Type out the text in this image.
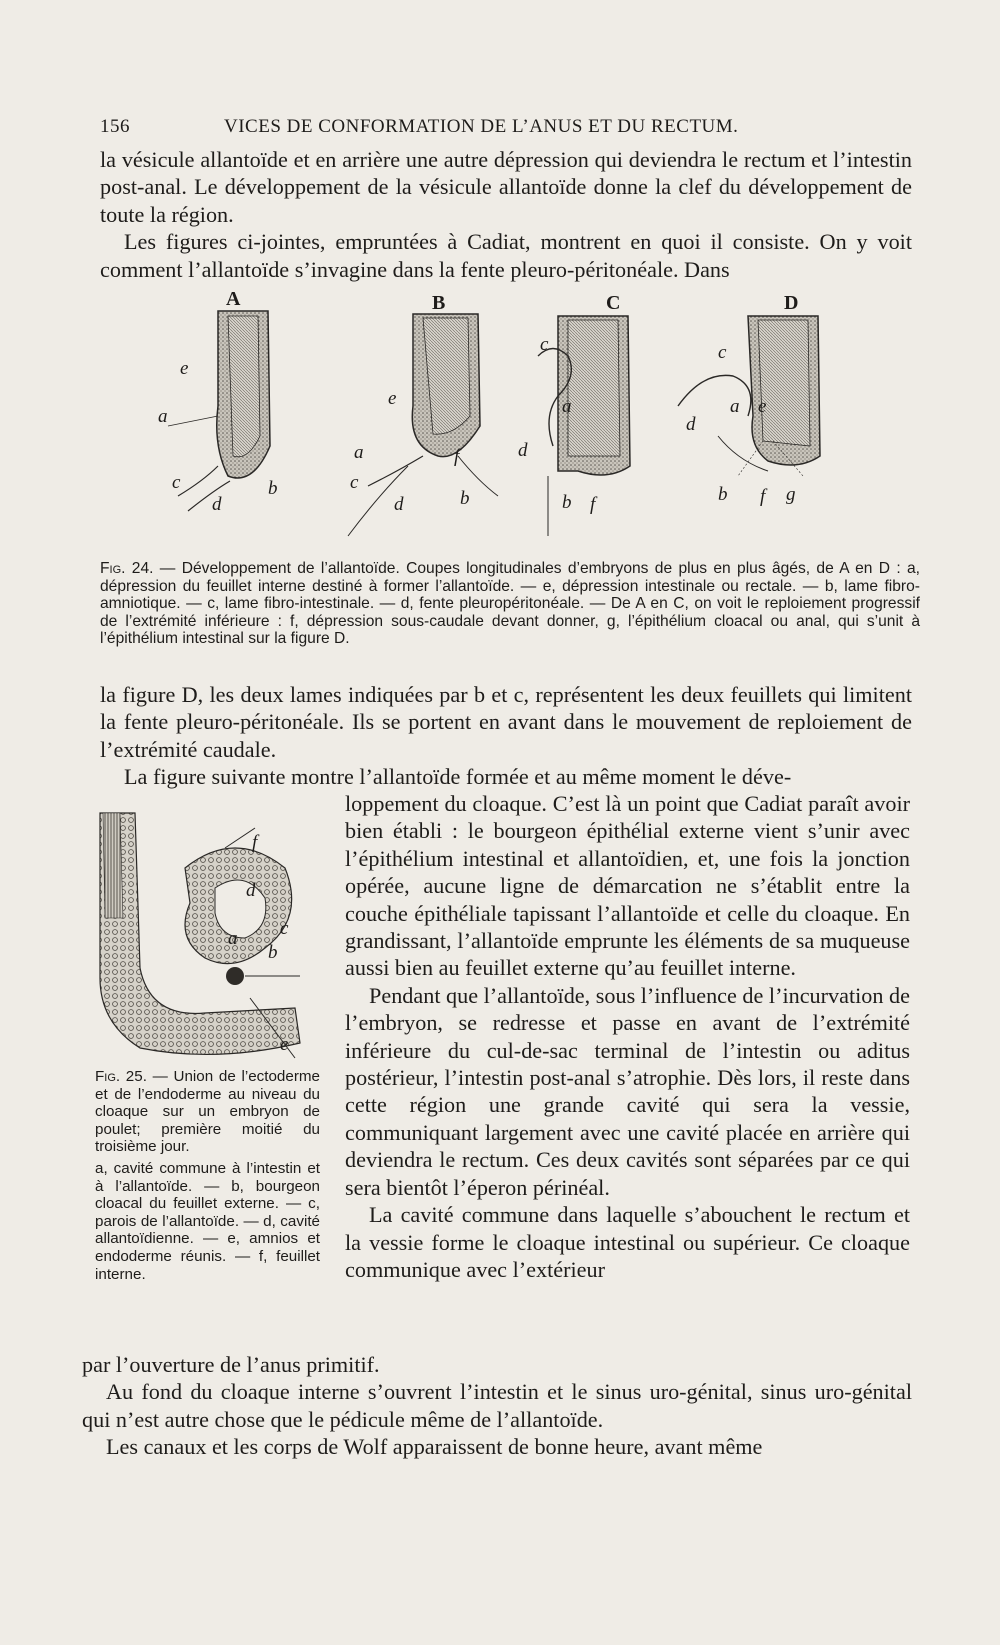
156	VICES DE CONFORMATION DE L’ANUS ET DU RECTUM.

la vésicule allantoïde et en arrière une autre dépression qui deviendra le rectum et l’intestin post-anal. Le développement de la vésicule allantoïde donne la clef du développement de toute la région.

Les figures ci-jointes, empruntées à Cadiat, montrent en quoi il consiste. On y voit comment l’allantoïde s’invagine dans la fente pleuro-péritonéale. Dans

A	B	C	D

Fig. 24. — Développement de l’allantoïde. Coupes longitudinales d’embryons de plus en plus âgés, de A en D : a, dépression du feuillet interne destiné à former l’allantoïde. — e, dépression intestinale ou rectale. — b, lame fibro-amniotique. — c, lame fibro-intestinale. — d, fente pleuropéritonéale. — De A en C, on voit le reploiement progressif de l’extrémité inférieure : f, dépression sous-caudale devant donner, g, l’épithélium cloacal ou anal, qui s’unit à l’épithélium intestinal sur la figure D.

la figure D, les deux lames indiquées par b et c, représentent les deux feuillets qui limitent la fente pleuro-péritonéale. Ils se portent en avant dans le mouvement de reploiement de l’extrémité caudale.

La figure suivante montre l’allantoïde formée et au même moment le déve-

Fig. 25. — Union de l’ectoderme et de l’endoderme au niveau du cloaque sur un embryon de poulet; première moitié du troisième jour.

a, cavité commune à l’intestin et à l’allantoïde. — b, bourgeon cloacal du feuillet externe. — c, parois de l’allantoïde. — d, cavité allantoïdienne. — e, amnios et endoderme réunis. — f, feuillet interne.

loppement du cloaque. C’est là un point que Cadiat paraît avoir bien établi : le bourgeon épithélial externe vient s’unir avec l’épithélium intestinal et allantoïdien, et, une fois la jonction opérée, aucune ligne de démarcation ne s’établit entre la couche épithéliale tapissant l’allantoïde et celle du cloaque. En grandissant, l’allantoïde emprunte les éléments de sa muqueuse aussi bien au feuillet externe qu’au feuillet interne.

Pendant que l’allantoïde, sous l’influence de l’incurvation de l’embryon, se redresse et passe en avant de l’extrémité inférieure du cul-de-sac terminal de l’intestin ou aditus postérieur, l’intestin post-anal s’atrophie. Dès lors, il reste dans cette région une grande cavité qui sera la vessie, communiquant largement avec une cavité placée en arrière qui deviendra le rectum. Ces deux cavités sont séparées par ce qui sera bientôt l’éperon périnéal.

La cavité commune dans laquelle s’abouchent le rectum et la vessie forme le cloaque intestinal ou supérieur. Ce cloaque communique avec l’extérieur

par l’ouverture de l’anus primitif.

Au fond du cloaque interne s’ouvrent l’intestin et le sinus uro-génital, sinus uro-génital qui n’est autre chose que le pédicule même de l’allantoïde.

Les canaux et les corps de Wolf apparaissent de bonne heure, avant même

e
a
c	b
d
e
a
c
d
f
b
c
a
d
b f
c
a e
d
b f g
f
d
a c
b
e
